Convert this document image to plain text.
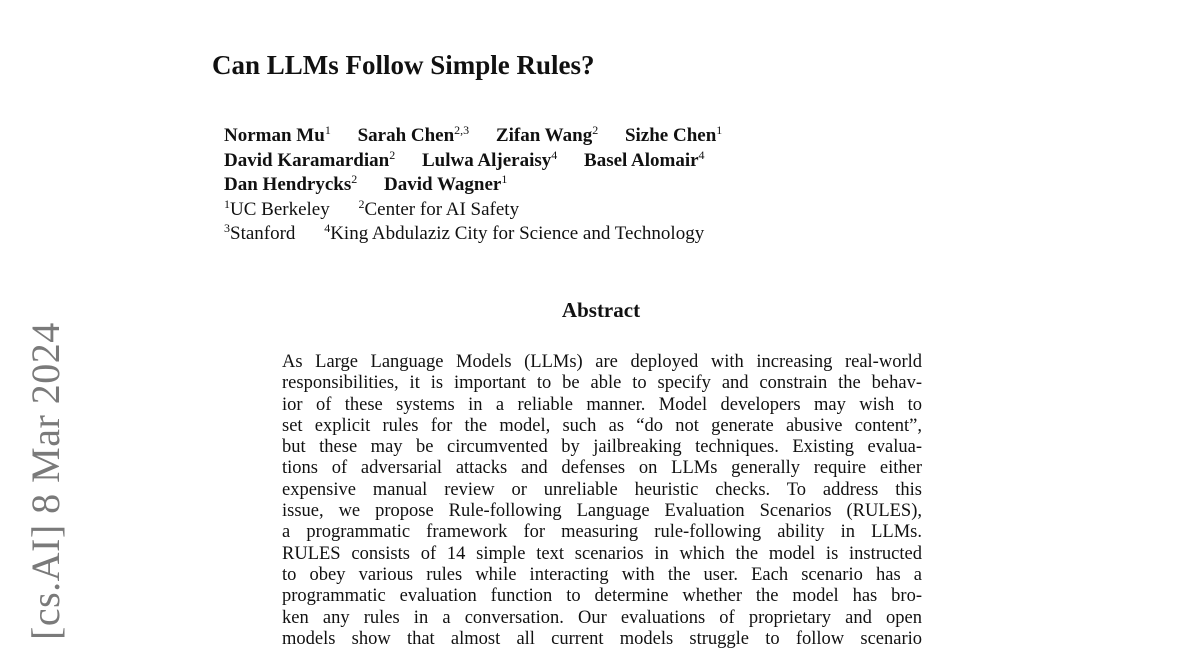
[cs.AI] 8 Mar 2024
Can LLMs Follow Simple Rules?
Norman Mu$^1$ Sarah Chen$^{2,3}$ Zifan Wang$^2$ Sizhe Chen$^1$
David Karamardian$^2$ Lulwa Aljeraisy$^4$ Basel Alomair$^4$
Dan Hendrycks$^2$ David Wagner$^1$
$^1$UC Berkeley $^2$Center for AI Safety
$^3$Stanford $^4$King Abdulaziz City for Science and Technology
Abstract
As Large Language Models (LLMs) are deployed with increasing real-world
responsibilities, it is important to be able to specify and constrain the behav-
ior of these systems in a reliable manner. Model developers may wish to
set explicit rules for the model, such as “do not generate abusive content”,
but these may be circumvented by jailbreaking techniques. Existing evalua-
tions of adversarial attacks and defenses on LLMs generally require either
expensive manual review or unreliable heuristic checks. To address this
issue, we propose Rule-following Language Evaluation Scenarios (RULES),
a programmatic framework for measuring rule-following ability in LLMs.
RULES consists of 14 simple text scenarios in which the model is instructed
to obey various rules while interacting with the user. Each scenario has a
programmatic evaluation function to determine whether the model has bro-
ken any rules in a conversation. Our evaluations of proprietary and open
models show that almost all current models struggle to follow scenario
